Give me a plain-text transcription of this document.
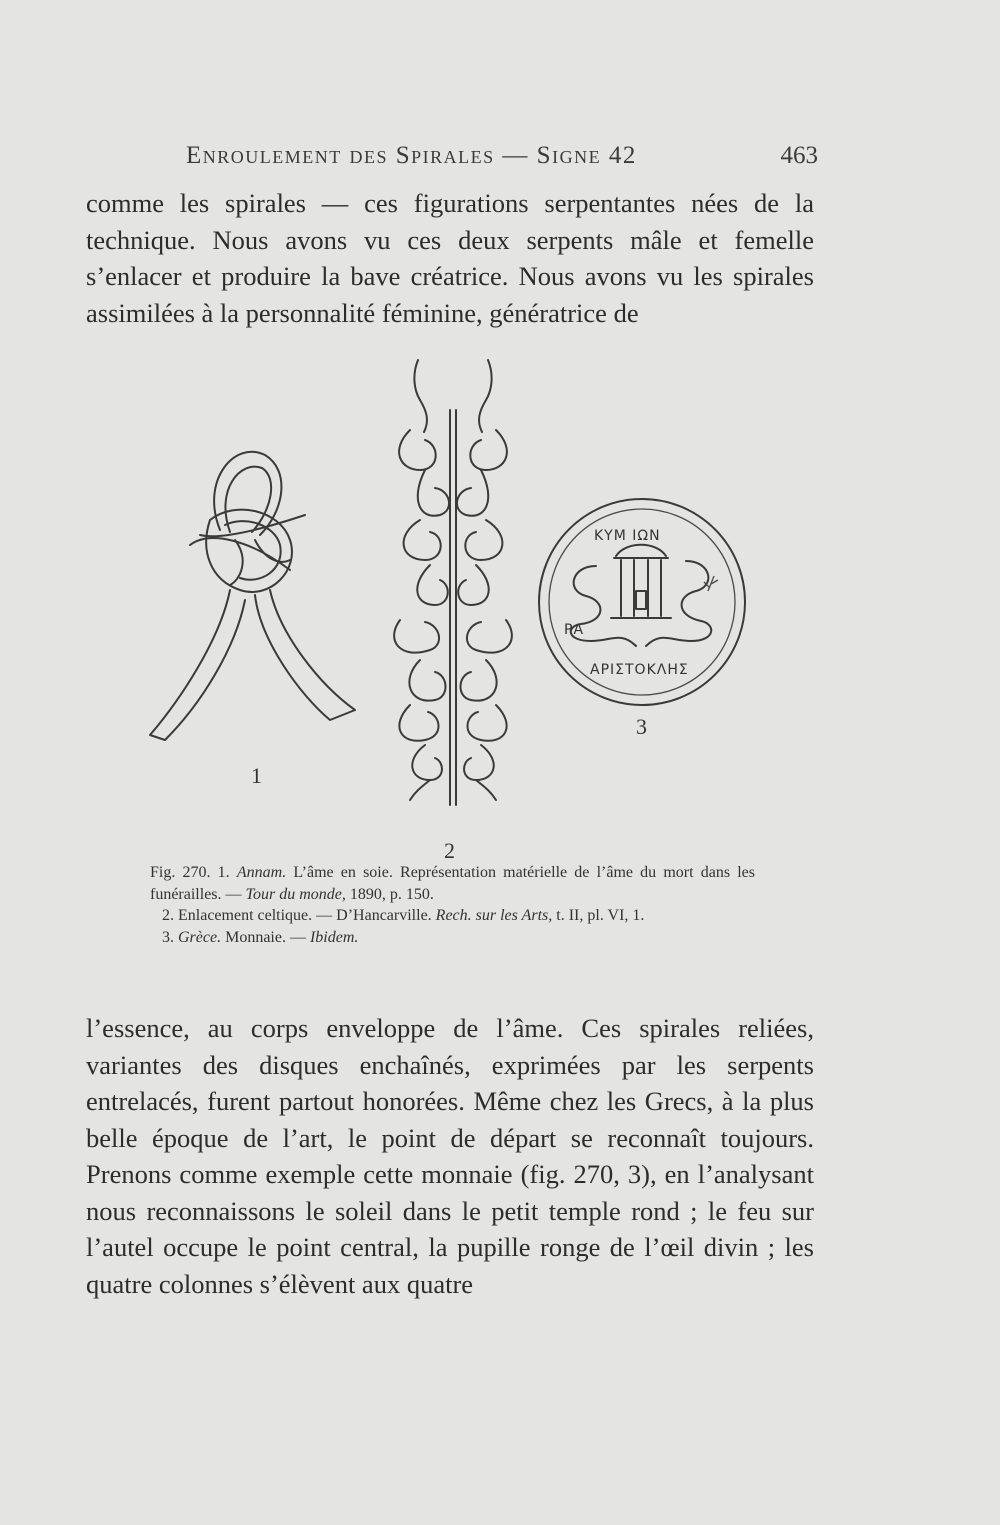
Enroulement des Spirales — Signe 42	463

comme les spirales — ces figurations serpentantes nées de la technique. Nous avons vu ces deux serpents mâle et femelle s’enlacer et produire la bave créatrice. Nous avons vu les spirales assimilées à la personnalité féminine, génératrice de

1
2
ΚΥΜ ΙΩΝ
ΡΑ
ΑΡΙΣΤΟΚΛΗΣ
3

Fig. 270. 1. Annam. L’âme en soie. Représentation matérielle de l’âme du mort dans les funérailles. — Tour du monde, 1890, p. 150.

2. Enlacement celtique. — D’Hancarville. Rech. sur les Arts, t. II, pl. VI, 1.

3. Grèce. Monnaie. — Ibidem.

l’essence, au corps enveloppe de l’âme. Ces spirales reliées, variantes des disques enchaînés, exprimées par les serpents entrelacés, furent partout honorées. Même chez les Grecs, à la plus belle époque de l’art, le point de départ se reconnaît toujours. Prenons comme exemple cette monnaie (fig. 270, 3), en l’analysant nous reconnaissons le soleil dans le petit temple rond ; le feu sur l’autel occupe le point central, la pupille ronge de l’œil divin ; les quatre colonnes s’élèvent aux quatre
